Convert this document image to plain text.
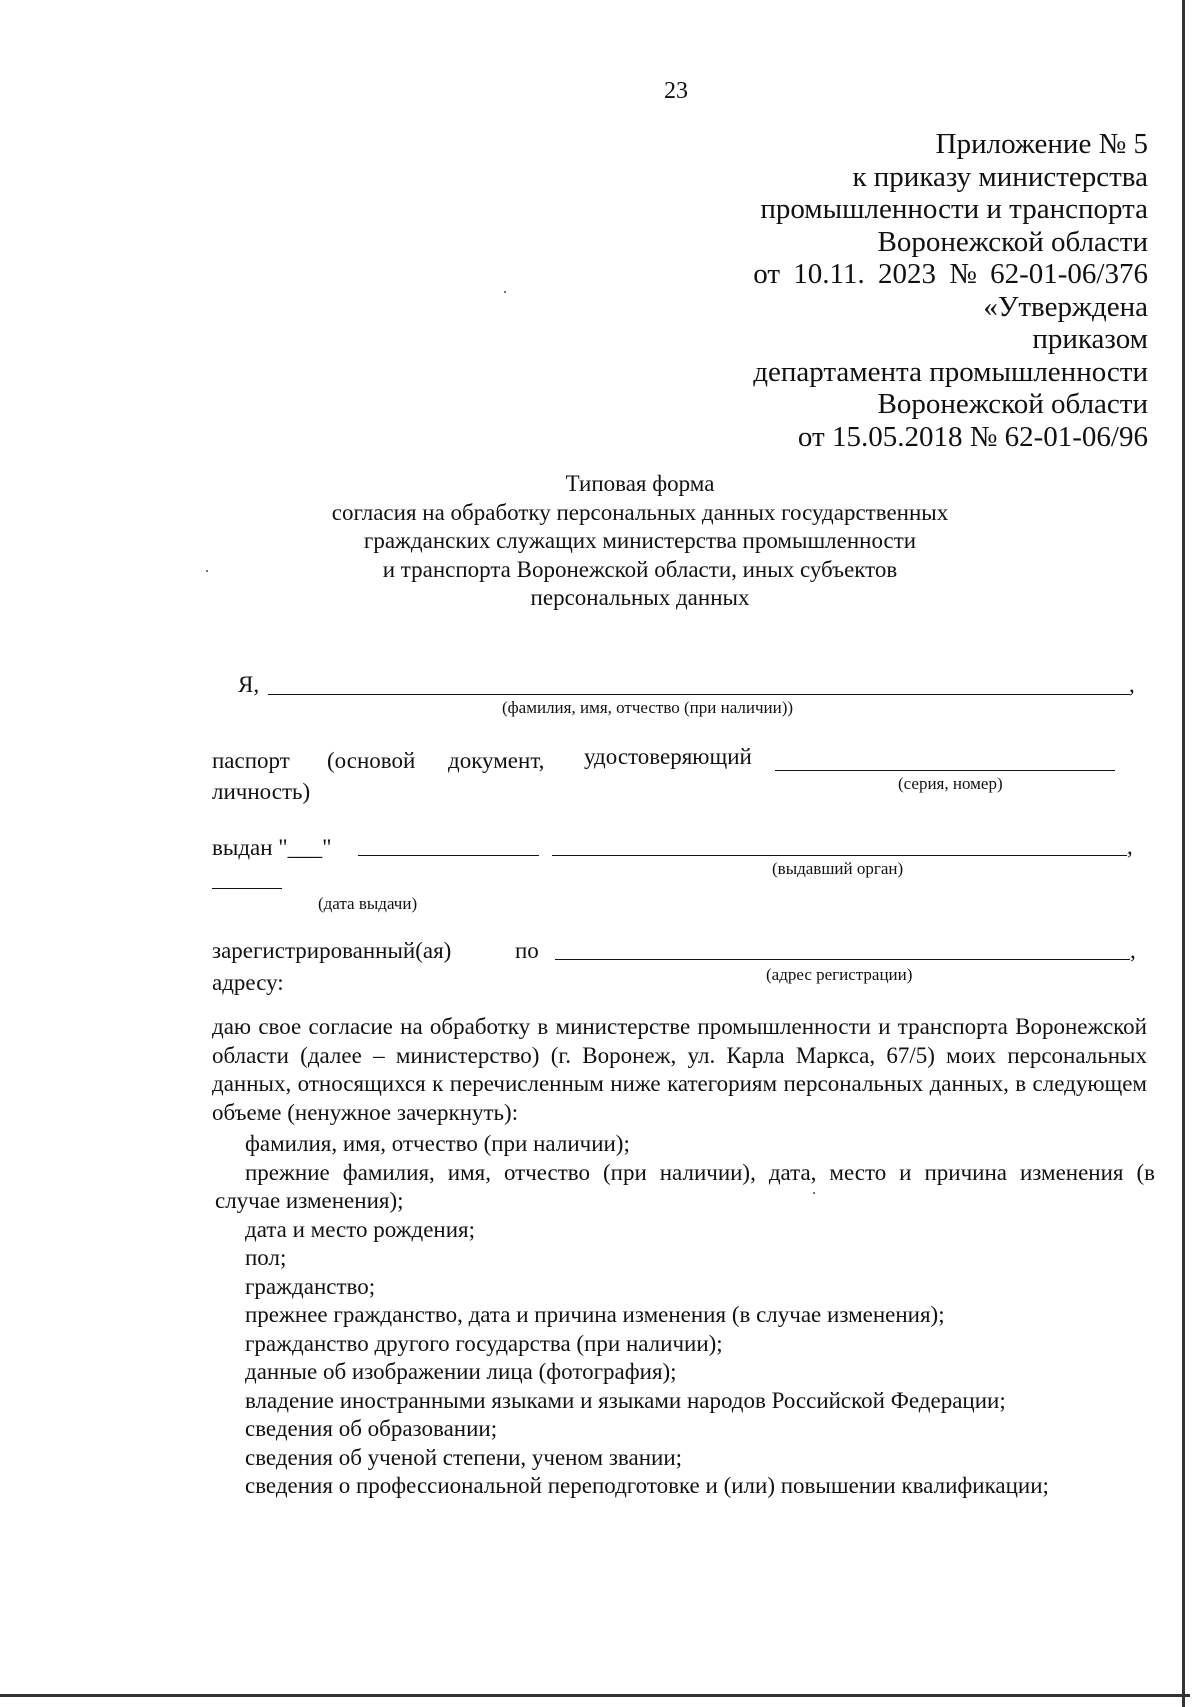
23
Приложение № 5
к приказу министерства
промышленности и транспорта
Воронежской области
от 10.11. 2023 № 62-01-06/376
«Утверждена
приказом
департамента промышленности
Воронежской области
от 15.05.2018 № 62-01-06/96
Типовая форма
согласия на обработку персональных данных государственных
гражданских служащих министерства промышленности
и транспорта Воронежской области, иных субъектов
персональных данных
Я,	,
(фамилия, имя, отчество (при наличии))
паспорт (основой документ, удостоверяющий
(серия, номер)
личность)
выдан "___"	,
(выдавший орган)
(дата выдачи)
зарегистрированный(ая)	по	,
(адрес регистрации)
адресу:
даю свое согласие на обработку в министерстве промышленности и транспорта Воронежской области (далее – министерство) (г. Воронеж, ул. Карла Маркса, 67/5) моих персональных данных, относящихся к перечисленным ниже категориям персональных данных, в следующем объеме (ненужное зачеркнуть):
фамилия, имя, отчество (при наличии);
прежние фамилия, имя, отчество (при наличии), дата, место и причина изменения (в
случае изменения);
дата и место рождения;
пол;
гражданство;
прежнее гражданство, дата и причина изменения (в случае изменения);
гражданство другого государства (при наличии);
данные об изображении лица (фотография);
владение иностранными языками и языками народов Российской Федерации;
сведения об образовании;
сведения об ученой степени, ученом звании;
сведения о профессиональной переподготовке и (или) повышении квалификации;
